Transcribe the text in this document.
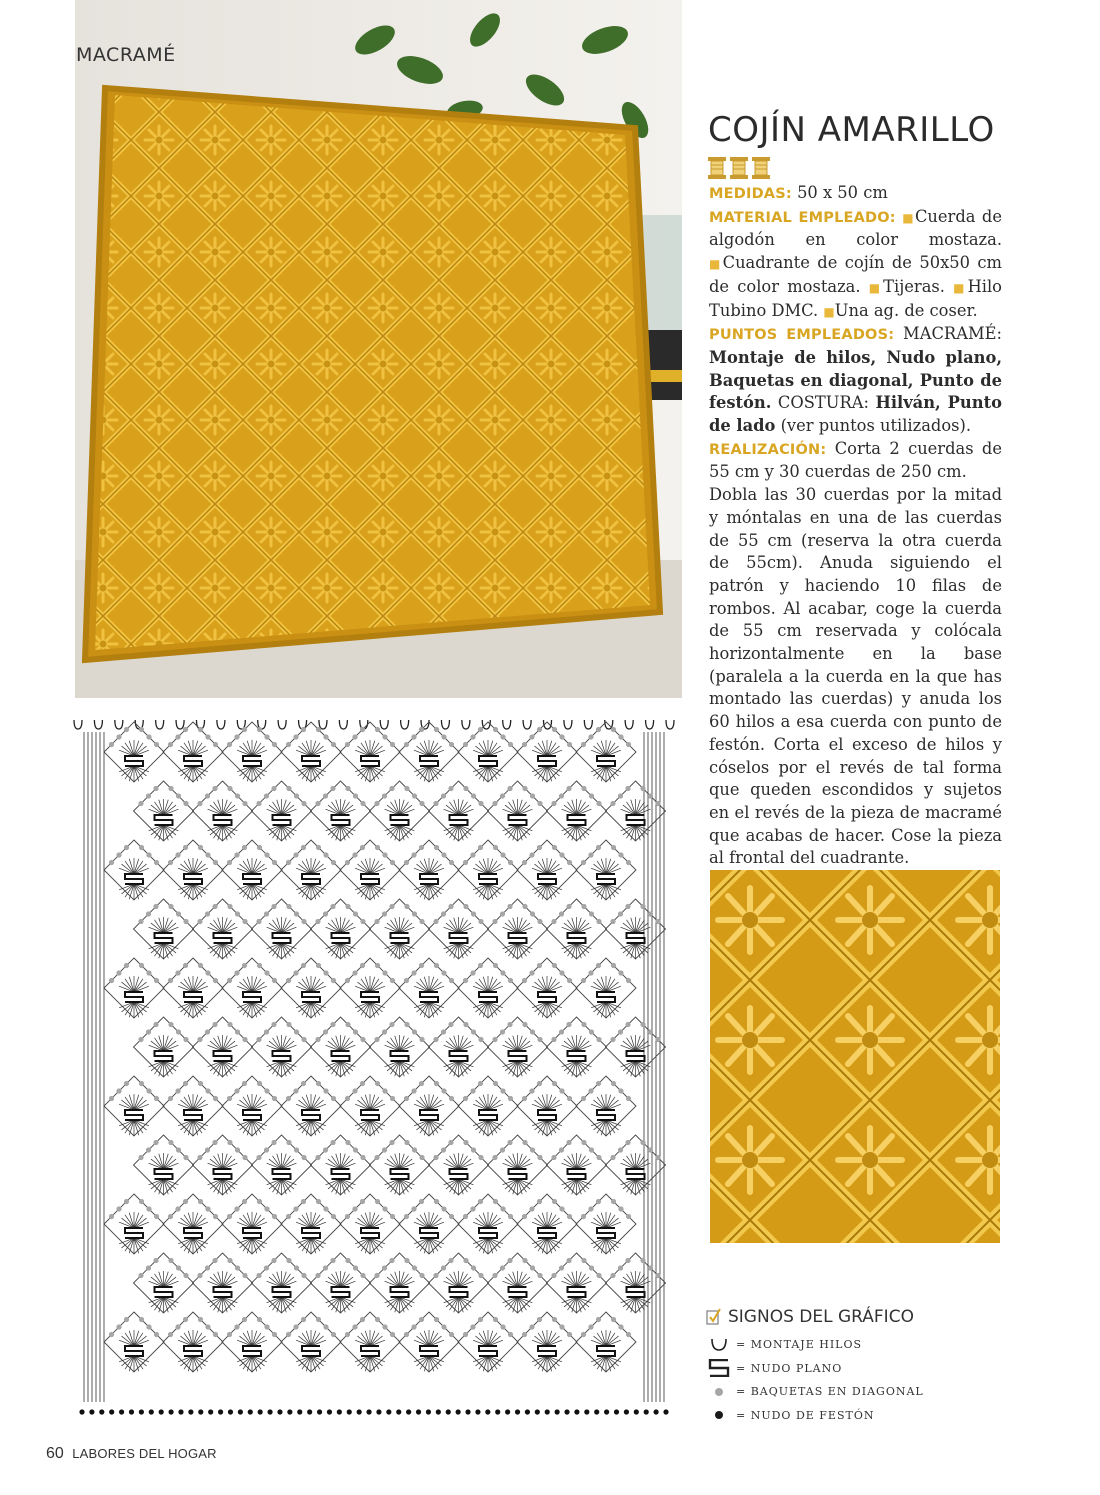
MACRAMÉ
COJÍN AMARILLO

MEDIDAS: 50 x 50 cm

MATERIAL EMPLEADO: ■Cuerda de algodón en color mostaza. ■Cuadrante de cojín de 50x50 cm de color mostaza. ■Tijeras. ■Hilo Tubino DMC. ■Una ag. de coser.

PUNTOS EMPLEADOS: MACRAMÉ: Montaje de hilos, Nudo plano, Baquetas en diagonal, Punto de festón. COSTURA: Hilván, Punto de lado (ver puntos utilizados).

REALIZACIÓN: Corta 2 cuerdas de 55 cm y 30 cuerdas de 250 cm.

Dobla las 30 cuerdas por la mitad y móntalas en una de las cuerdas de 55 cm (reserva la otra cuerda de 55cm). Anuda siguiendo el patrón y haciendo 10 filas de rombos. Al acabar, coge la cuerda de 55 cm reservada y colócala horizontalmente en la base (paralela a la cuerda en la que has montado las cuerdas) y anuda los 60 hilos a esa cuerda con punto de festón. Corta el exceso de hilos y cóselos por el revés de tal forma que queden escondidos y sujetos en el revés de la pieza de macramé que acabas de hacer. Cose la pieza al frontal del cuadrante.

SIGNOS DEL GRÁFICO
= MONTAJE HILOS
= NUDO PLANO
= BAQUETAS EN DIAGONAL
= NUDO DE FESTÓN
60 LABORES DEL HOGAR
